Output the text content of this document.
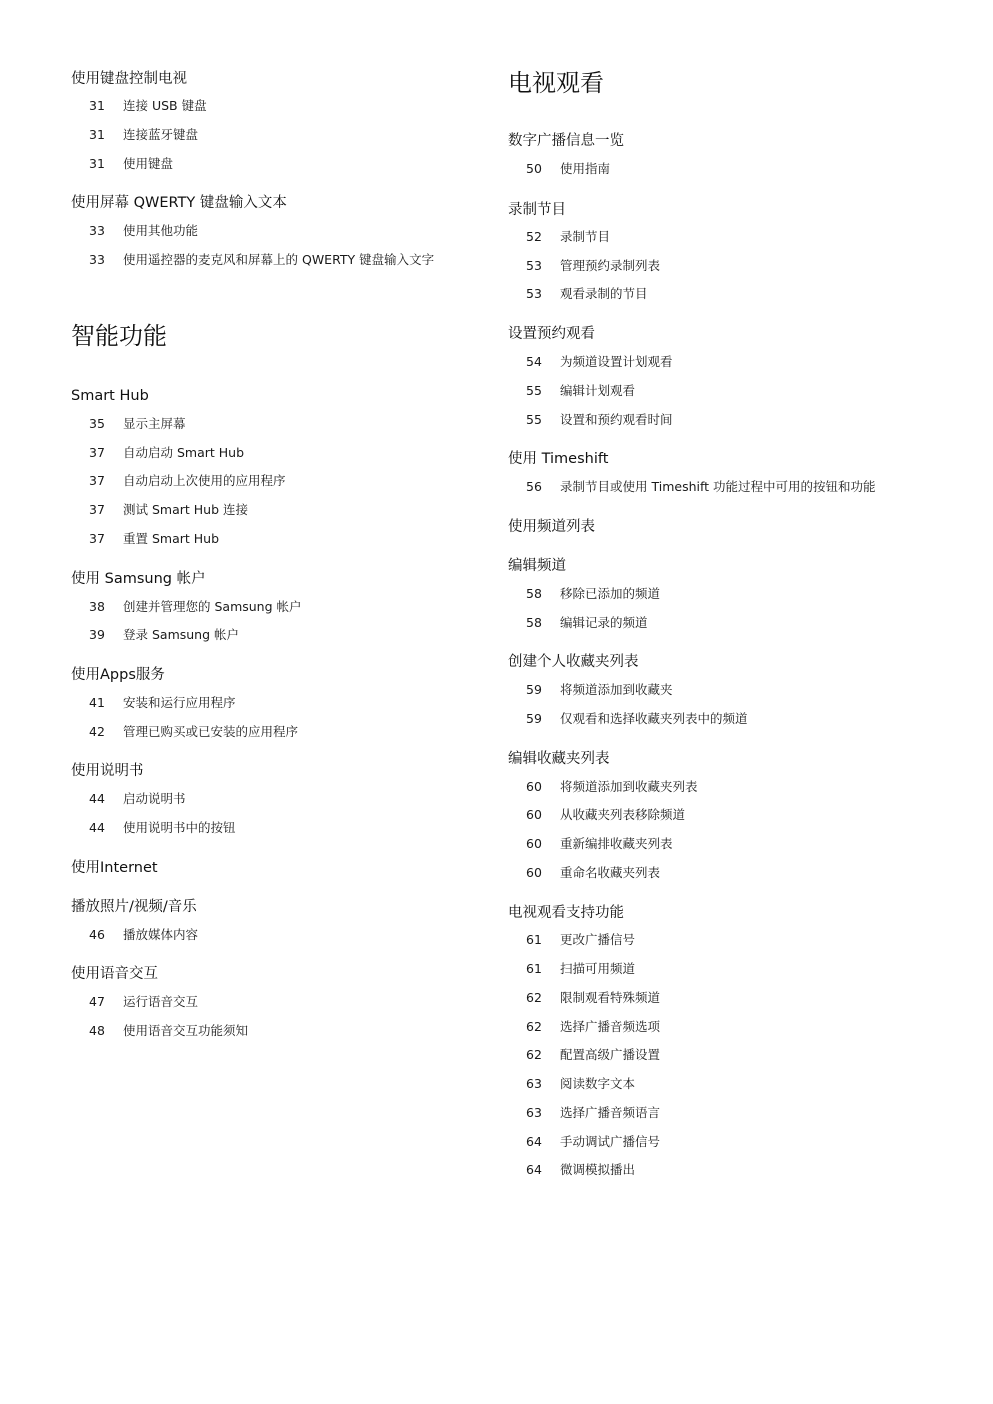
使用键盘控制电视
31	连接 USB 键盘
31	连接蓝牙键盘
31	使用键盘
使用屏幕 QWERTY 键盘输入文本
33	使用其他功能
33	使用遥控器的麦克风和屏幕上的 QWERTY 键盘输入文字
智能功能
Smart Hub
35	显示主屏幕
37	自动启动 Smart Hub
37	自动启动上次使用的应用程序
37	测试 Smart Hub 连接
37	重置 Smart Hub
使用 Samsung 帐户
38	创建并管理您的 Samsung 帐户
39	登录 Samsung 帐户
使用Apps服务
41	安装和运行应用程序
42	管理已购买或已安装的应用程序
使用说明书
44	启动说明书
44	使用说明书中的按钮
使用Internet
播放照片/视频/音乐
46	播放媒体内容
使用语音交互
47	运行语音交互
48	使用语音交互功能须知
电视观看
数字广播信息一览
50	使用指南
录制节目
52	录制节目
53	管理预约录制列表
53	观看录制的节目
设置预约观看
54	为频道设置计划观看
55	编辑计划观看
55	设置和预约观看时间
使用 Timeshift
56	录制节目或使用 Timeshift 功能过程中可用的按钮和功能
使用频道列表
编辑频道
58	移除已添加的频道
58	编辑记录的频道
创建个人收藏夹列表
59	将频道添加到收藏夹
59	仅观看和选择收藏夹列表中的频道
编辑收藏夹列表
60	将频道添加到收藏夹列表
60	从收藏夹列表移除频道
60	重新编排收藏夹列表
60	重命名收藏夹列表
电视观看支持功能
61	更改广播信号
61	扫描可用频道
62	限制观看特殊频道
62	选择广播音频选项
62	配置高级广播设置
63	阅读数字文本
63	选择广播音频语言
64	手动调试广播信号
64	微调模拟播出
